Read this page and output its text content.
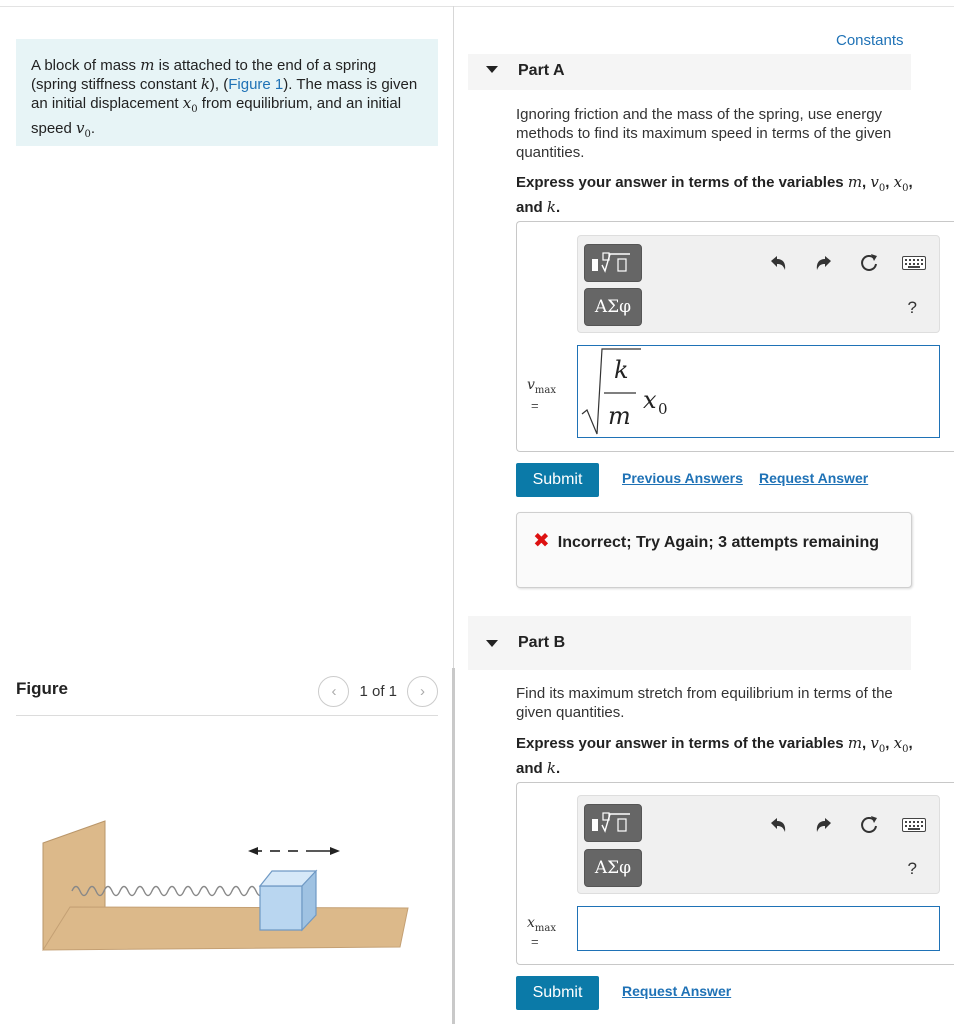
A block of mass m is attached to the end of a spring (spring stiffness constant k), (Figure 1). The mass is given an initial displacement $x_0$ from equilibrium, and an initial speed $v_0$.
Figure	‹	1 of 1	›
Constants
Part A
Ignoring friction and the mass of the spring, use energy methods to find its maximum speed in terms of the given quantities.
Express your answer in terms of the variables m, $v_0$, $x_0$, and k.
ΑΣφ	?
$v_{max}$
=
k
m
x 0
Submit	Previous Answers Request Answer
✖ Incorrect; Try Again; 3 attempts remaining
Part B
Find its maximum stretch from equilibrium in terms of the given quantities.
Express your answer in terms of the variables m, $v_0$, $x_0$, and k.
ΑΣφ	?
$x_{max}$
=
Submit	Request Answer
